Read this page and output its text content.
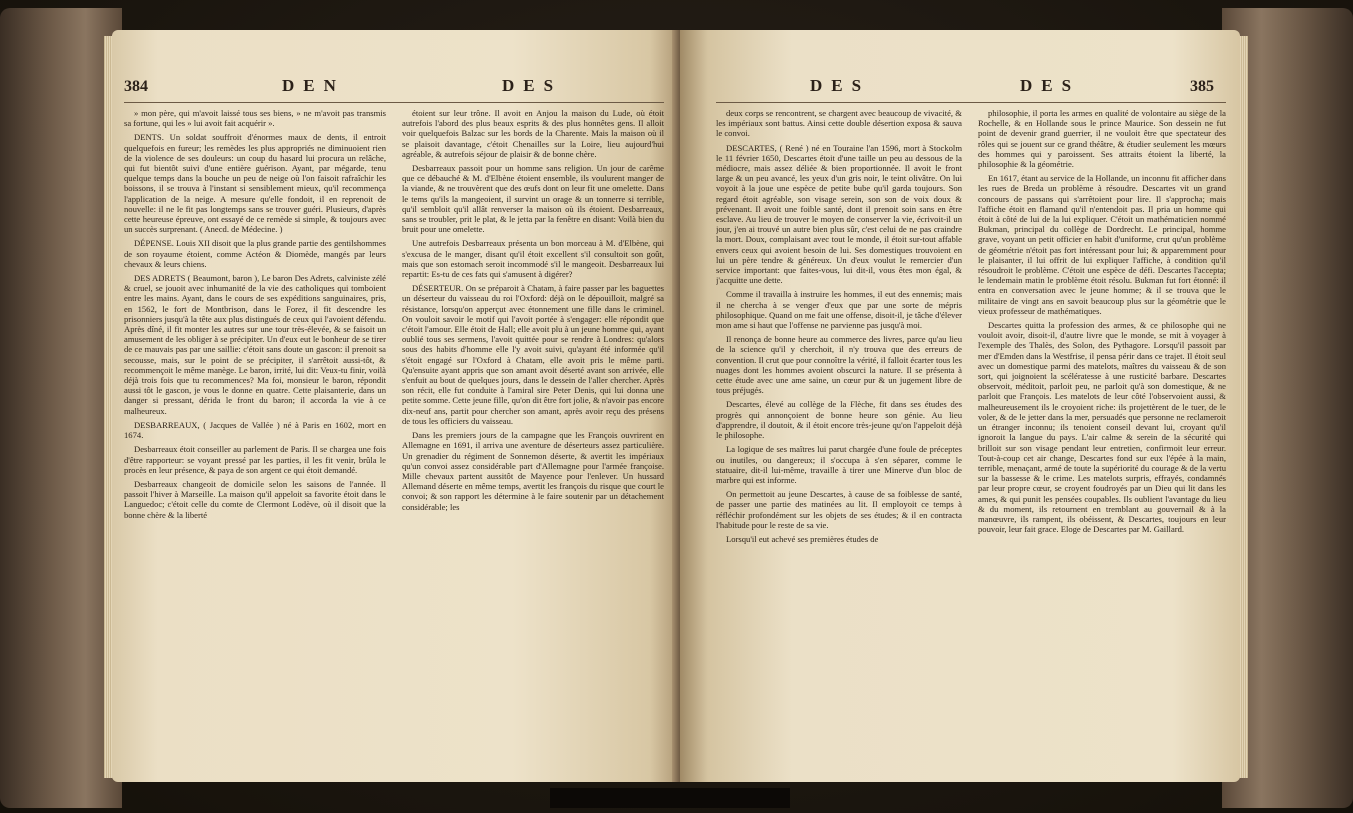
384	DEN	DES

» mon père, qui m'avoit laissé tous ses biens, » ne m'avoit pas transmis sa fortune, qui les » lui avoit fait acquérir ».

DENTS. Un soldat souffroit d'énormes maux de dents, il entroit quelquefois en fureur; les remèdes les plus appropriés ne diminuoient rien de la violence de ses douleurs: un coup du hasard lui procura un relâche, qui fut bientôt suivi d'une entière guérison. Ayant, par mégarde, tenu quelque temps dans la bouche un peu de neige où l'on faisoit rafraîchir les boissons, il se trouva à l'instant si sensiblement mieux, qu'il recommença l'application de la neige. A mesure qu'elle fondoit, il en reprenoit de nouvelle: il ne le fit pas longtemps sans se trouver guéri. Plusieurs, d'après cette heureuse épreuve, ont essayé de ce remède si simple, & toujours avec un succès surprenant. ( Anecd. de Médecine. )

DÉPENSE. Louis XII disoit que la plus grande partie des gentilshommes de son royaume étoient, comme Actéon & Diomède, mangés par leurs chevaux & leurs chiens.

DES ADRETS ( Beaumont, baron ), Le baron Des Adrets, calviniste zélé & cruel, se jouoit avec inhumanité de la vie des catholiques qui tomboient entre les mains. Ayant, dans le cours de ses expéditions sanguinaires, pris, en 1562, le fort de Montbrison, dans le Forez, il fit descendre les prisonniers jusqu'à la tête aux plus distingués de ceux qui l'avoient défendu. Après dîné, il fit monter les autres sur une tour très-élevée, & se faisoit un amusement de les obliger à se précipiter. Un d'eux eut le bonheur de se tirer de ce mauvais pas par une saillie: c'étoit sans doute un gascon: il prenoit sa secousse, mais, sur le point de se précipiter, il s'arrêtoit aussi-tôt, & recommençoit le même manège. Le baron, irrité, lui dit: Veux-tu finir, voilà déjà trois fois que tu recommences? Ma foi, monsieur le baron, répondit aussi tôt le gascon, je vous le donne en quatre. Cette plaisanterie, dans un danger si pressant, dérida le front du baron; il accorda la vie à ce malheureux.

DESBARREAUX, ( Jacques de Vallée ) né à Paris en 1602, mort en 1674.

Desbarreaux étoit conseiller au parlement de Paris. Il se chargea une fois d'être rapporteur: se voyant pressé par les parties, il les fit venir, brûla le procès en leur présence, & paya de son argent ce qui étoit demandé.

Desbarreaux changeoit de domicile selon les saisons de l'année. Il passoit l'hiver à Marseille. La maison qu'il appeloit sa favorite étoit dans le Languedoc; c'étoit celle du comte de Clermont Lodève, où il disoit que la bonne chère & la liberté

étoient sur leur trône. Il avoit en Anjou la maison du Lude, où étoit autrefois l'abord des plus beaux esprits & des plus honnêtes gens. Il alloit voir quelquefois Balzac sur les bords de la Charente. Mais la maison où il se plaisoit davantage, c'étoit Chenailles sur la Loire, lieu aujourd'hui agréable, & autrefois séjour de plaisir & de bonne chère.

Desbarreaux passoit pour un homme sans religion. Un jour de carême que ce débauché & M. d'Elbène étoient ensemble, ils voulurent manger de la viande, & ne trouvèrent que des œufs dont on leur fit une omelette. Dans le tems qu'ils la mangeoient, il survint un orage & un tonnerre si terrible, qu'il sembloit qu'il allât renverser la maison où ils étoient. Desbarreaux, sans se troubler, prit le plat, & le jetta par la fenêtre en disant: Voilà bien du bruit pour une omelette.

Une autrefois Desbarreaux présenta un bon morceau à M. d'Elbène, qui s'excusa de le manger, disant qu'il étoit excellent s'il consultoit son goût, mais que son estomach seroit incommodé s'il le mangeoit. Desbarreaux lui repartit: Es-tu de ces fats qui s'amusent à digérer?

DÉSERTEUR. On se préparoit à Chatam, à faire passer par les baguettes un déserteur du vaisseau du roi l'Oxford: déjà on le dépouilloit, malgré sa résistance, lorsqu'on apperçut avec étonnement une fille dans le criminel. On vouloit savoir le motif qui l'avoit portée à s'engager: elle répondit que c'étoit l'amour. Elle étoit de Hall; elle avoit plu à un jeune homme qui, ayant oublié tous ses sermens, l'avoit quittée pour se rendre à Londres: qu'alors sous des habits d'homme elle l'y avoit suivi, qu'ayant été informée qu'il s'étoit engagé sur l'Oxford à Chatam, elle avoit pris le même parti. Qu'ensuite ayant appris que son amant avoit déserté avant son arrivée, elle s'enfuit au bout de quelques jours, dans le dessein de l'aller chercher. Après son récit, elle fut conduite à l'amiral sire Peter Denis, qui lui donna une petite somme. Cette jeune fille, qu'on dit être fort jolie, & n'avoir pas encore dix-neuf ans, partit pour chercher son amant, après avoir reçu des présens de tous les officiers du vaisseau.

Dans les premiers jours de la campagne que les François ouvrirent en Allemagne en 1691, il arriva une aventure de déserteurs assez particulière. Un grenadier du régiment de Sonnemon déserte, & avertit les impériaux qu'un convoi assez considérable part d'Allemagne pour l'armée françoise. Mille chevaux partent aussitôt de Mayence pour l'enlever. Un hussard Allemand déserte en même temps, avertit les françois du risque que court le convoi; & son rapport les détermine à le faire soutenir par un détachement considérable; les

DES	DES	385

deux corps se rencontrent, se chargent avec beaucoup de vivacité, & les impériaux sont battus. Ainsi cette double désertion exposa & sauva le convoi.

DESCARTES, ( René ) né en Touraine l'an 1596, mort à Stockolm le 11 février 1650, Descartes étoit d'une taille un peu au dessous de la médiocre, mais assez déliée & bien proportionnée. Il avoit le front large & un peu avancé, les yeux d'un gris noir, le teint olivâtre. On lui voyoit à la joue une espèce de petite bube qu'il garda toujours. Son regard étoit agréable, son visage serein, son son de voix doux & prévenant. Il avoit une foible santé, dont il prenoit soin sans en être esclave. Au lieu de trouver le moyen de conserver la vie, écrivoit-il un jour, j'en ai trouvé un autre bien plus sûr, c'est celui de ne pas craindre la mort. Doux, complaisant avec tout le monde, il étoit sur-tout affable envers ceux qui avoient besoin de lui. Ses domestiques trouvoient en lui un père tendre & généreux. Un d'eux voulut le remercier d'un service important: que faites-vous, lui dit-il, vous êtes mon égal, & j'acquitte une dette.

Comme il travailla à instruire les hommes, il eut des ennemis; mais il ne chercha à se venger d'eux que par une sorte de mépris philosophique. Quand on me fait une offense, disoit-il, je tâche d'élever mon ame si haut que l'offense ne parvienne pas jusqu'à moi.

Il renonça de bonne heure au commerce des livres, parce qu'au lieu de la science qu'il y cherchoit, il n'y trouva que des erreurs de convention. Il crut que pour connoître la vérité, il falloit écarter tous les nuages dont les hommes avoient obscurci la nature. Il se présenta à cette étude avec une ame saine, un cœur pur & un jugement libre de tous préjugés.

Descartes, élevé au collège de la Flèche, fit dans ses études des progrès qui annonçoient de bonne heure son génie. Au lieu d'apprendre, il doutoit, & il étoit encore très-jeune qu'on l'appeloit déjà le philosophe.

La logique de ses maîtres lui parut chargée d'une foule de préceptes ou inutiles, ou dangereux; il s'occupa à s'en séparer, comme le statuaire, dit-il lui-même, travaille à tirer une Minerve d'un bloc de marbre qui est informe.

On permettoit au jeune Descartes, à cause de sa foiblesse de santé, de passer une partie des matinées au lit. Il employoit ce temps à réfléchir profondément sur les objets de ses études; & il en contracta l'habitude pour le reste de sa vie.

Lorsqu'il eut achevé ses premières études de

philosophie, il porta les armes en qualité de volontaire au siège de la Rochelle, & en Hollande sous le prince Maurice. Son dessein ne fut point de devenir grand guerrier, il ne vouloit être que spectateur des rôles qui se jouent sur ce grand théâtre, & étudier seulement les mœurs des hommes qui y paroissent. Ses attraits étoient la liberté, la philosophie & la géométrie.

En 1617, étant au service de la Hollande, un inconnu fit afficher dans les rues de Breda un problème à résoudre. Descartes vit un grand concours de passans qui s'arrêtoient pour lire. Il s'approcha; mais l'affiche étoit en flamand qu'il n'entendoit pas. Il pria un homme qui étoit à côté de lui de la lui expliquer. C'étoit un mathématicien nommé Bukman, principal du collège de Dordrecht. Le principal, homme grave, voyant un petit officier en habit d'uniforme, crut qu'un problème de géométrie n'étoit pas fort intéressant pour lui; & apparemment pour le plaisanter, il lui offrit de lui expliquer l'affiche, à condition qu'il résoudroit le problème. C'étoit une espèce de défi. Descartes l'accepta; le lendemain matin le problème étoit résolu. Bukman fut fort étonné: il entra en conversation avec le jeune homme; & il se trouva que le militaire de vingt ans en savoit beaucoup plus sur la géométrie que le vieux professeur de mathématiques.

Descartes quitta la profession des armes, & ce philosophe qui ne vouloit avoir, disoit-il, d'autre livre que le monde, se mit à voyager à l'exemple des Thalès, des Solon, des Pythagore. Lorsqu'il passoit par mer d'Emden dans la Westfrise, il pensa périr dans ce trajet. Il étoit seul avec un domestique parmi des matelots, maîtres du vaisseau & de son sort, qui joignoient la scélératesse à une rusticité barbare. Descartes observoit, méditoit, parloit peu, ne parloit qu'à son domestique, & ne parloit que François. Les matelots de leur côté l'observoient aussi, & malheureusement ils le croyoient riche: ils projettèrent de le tuer, de le voler, & de le jetter dans la mer, persuadés que personne ne reclameroit un étranger inconnu; ils tenoient conseil devant lui, croyant qu'il ignoroit la langue du pays. L'air calme & serein de la sécurité qui brilloit sur son visage pendant leur entretien, confirmoit leur erreur. Tout-à-coup cet air change, Descartes fond sur eux l'épée à la main, terrible, menaçant, armé de toute la supériorité du courage & de la vertu sur la bassesse & le crime. Les matelots surpris, effrayés, condamnés par leur propre cœur, se croyent foudroyés par un Dieu qui lit dans les ames, & qui punit les pensées coupables. Ils oublient l'avantage du lieu & du moment, ils retournent en tremblant au gouvernail & à la manœuvre, ils rampent, ils obéissent, & Descartes, toujours en leur pouvoir, leur fait grace. Eloge de Descartes par M. Gaillard.
